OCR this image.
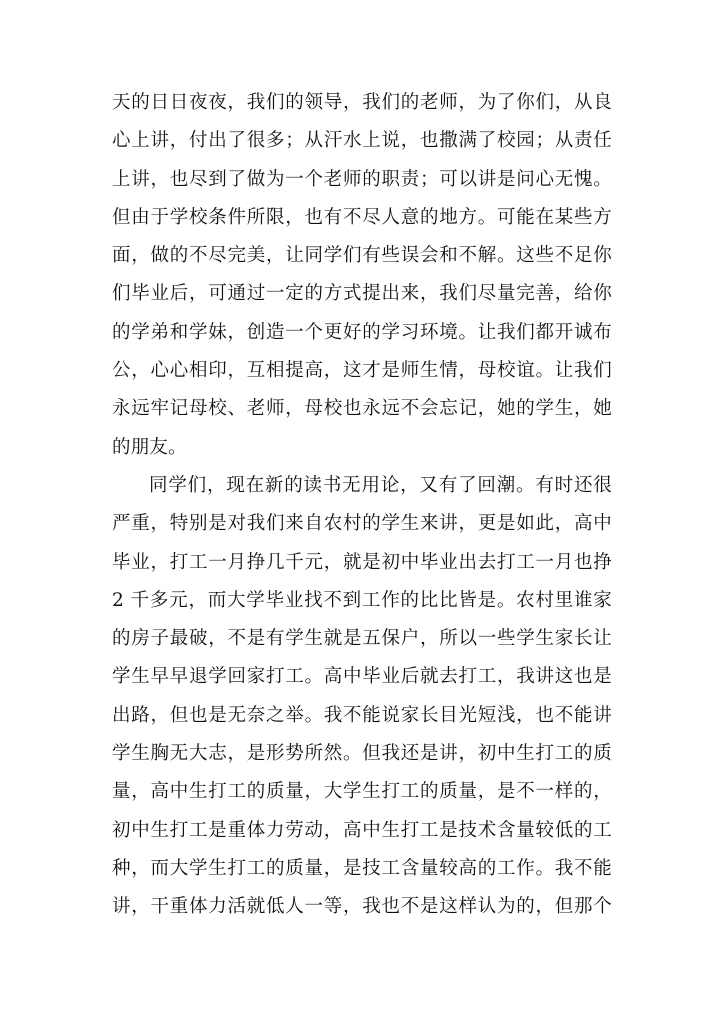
天的日日夜夜，我们的领导，我们的老师，为了你们，从良
心上讲，付出了很多；从汗水上说，也撒满了校园；从责任
上讲，也尽到了做为一个老师的职责；可以讲是问心无愧。
但由于学校条件所限，也有不尽人意的地方。可能在某些方
面，做的不尽完美，让同学们有些误会和不解。这些不足你
们毕业后，可通过一定的方式提出来，我们尽量完善，给你
的学弟和学妹，创造一个更好的学习环境。让我们都开诚布
公，心心相印，互相提高，这才是师生情，母校谊。让我们
永远牢记母校、老师，母校也永远不会忘记，她的学生，她
的朋友。
同学们，现在新的读书无用论，又有了回潮。有时还很
严重，特别是对我们来自农村的学生来讲，更是如此，高中
毕业，打工一月挣几千元，就是初中毕业出去打工一月也挣
2 千多元，而大学毕业找不到工作的比比皆是。农村里谁家
的房子最破，不是有学生就是五保户，所以一些学生家长让
学生早早退学回家打工。高中毕业后就去打工，我讲这也是
出路，但也是无奈之举。我不能说家长目光短浅，也不能讲
学生胸无大志，是形势所然。但我还是讲，初中生打工的质
量，高中生打工的质量，大学生打工的质量，是不一样的，
初中生打工是重体力劳动，高中生打工是技术含量较低的工
种，而大学生打工的质量，是技工含量较高的工作。我不能
讲，干重体力活就低人一等，我也不是这样认为的，但那个
